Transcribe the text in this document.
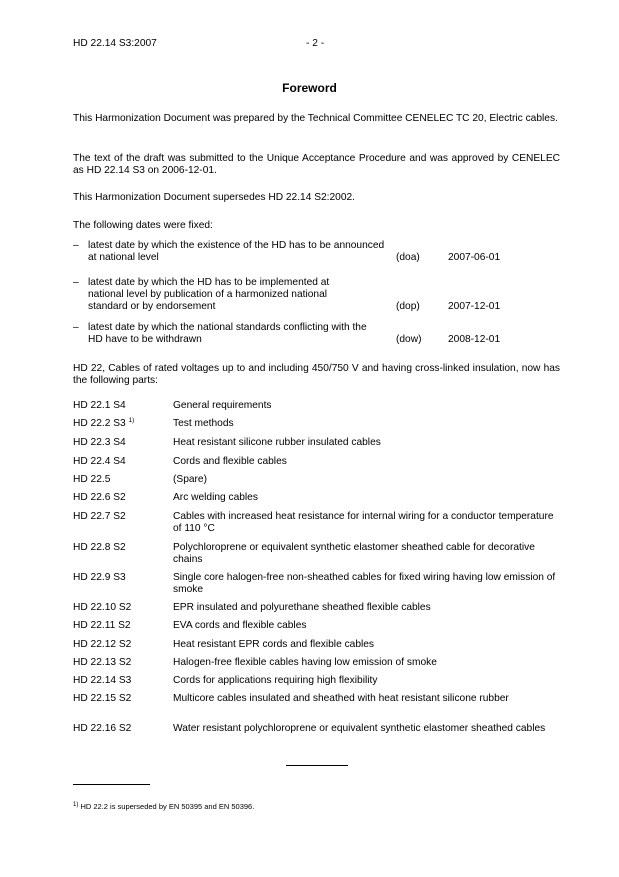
HD 22.14 S3:2007	- 2 -
Foreword
This Harmonization Document was prepared by the Technical Committee CENELEC TC 20, Electric cables.
The text of the draft was submitted to the Unique Acceptance Procedure and was approved by CENELEC as HD 22.14 S3 on 2006-12-01.
This Harmonization Document supersedes HD 22.14 S2:2002.
The following dates were fixed:
– latest date by which the existence of the HD has to be announced at national level	(doa)	2007-06-01
– latest date by which the HD has to be implemented at national level by publication of a harmonized national standard or by endorsement	(dop)	2007-12-01
– latest date by which the national standards conflicting with the HD have to be withdrawn	(dow)	2008-12-01
HD 22, Cables of rated voltages up to and including 450/750 V and having cross-linked insulation, now has the following parts:
HD 22.1 S4	General requirements
HD 22.2 S3 $^{1)}$	Test methods
HD 22.3 S4	Heat resistant silicone rubber insulated cables
HD 22.4 S4	Cords and flexible cables
HD 22.5	(Spare)
HD 22.6 S2	Arc welding cables
HD 22.7 S2	Cables with increased heat resistance for internal wiring for a conductor temperature of 110 °C
HD 22.8 S2	Polychloroprene or equivalent synthetic elastomer sheathed cable for decorative chains
HD 22.9 S3	Single core halogen-free non-sheathed cables for fixed wiring having low emission of smoke
HD 22.10 S2	EPR insulated and polyurethane sheathed flexible cables
HD 22.11 S2	EVA cords and flexible cables
HD 22.12 S2	Heat resistant EPR cords and flexible cables
HD 22.13 S2	Halogen-free flexible cables having low emission of smoke
HD 22.14 S3	Cords for applications requiring high flexibility
HD 22.15 S2	Multicore cables insulated and sheathed with heat resistant silicone rubber
HD 22.16 S2	Water resistant polychloroprene or equivalent synthetic elastomer sheathed cables
$^{1)}$ HD 22.2 is superseded by EN 50395 and EN 50396.
